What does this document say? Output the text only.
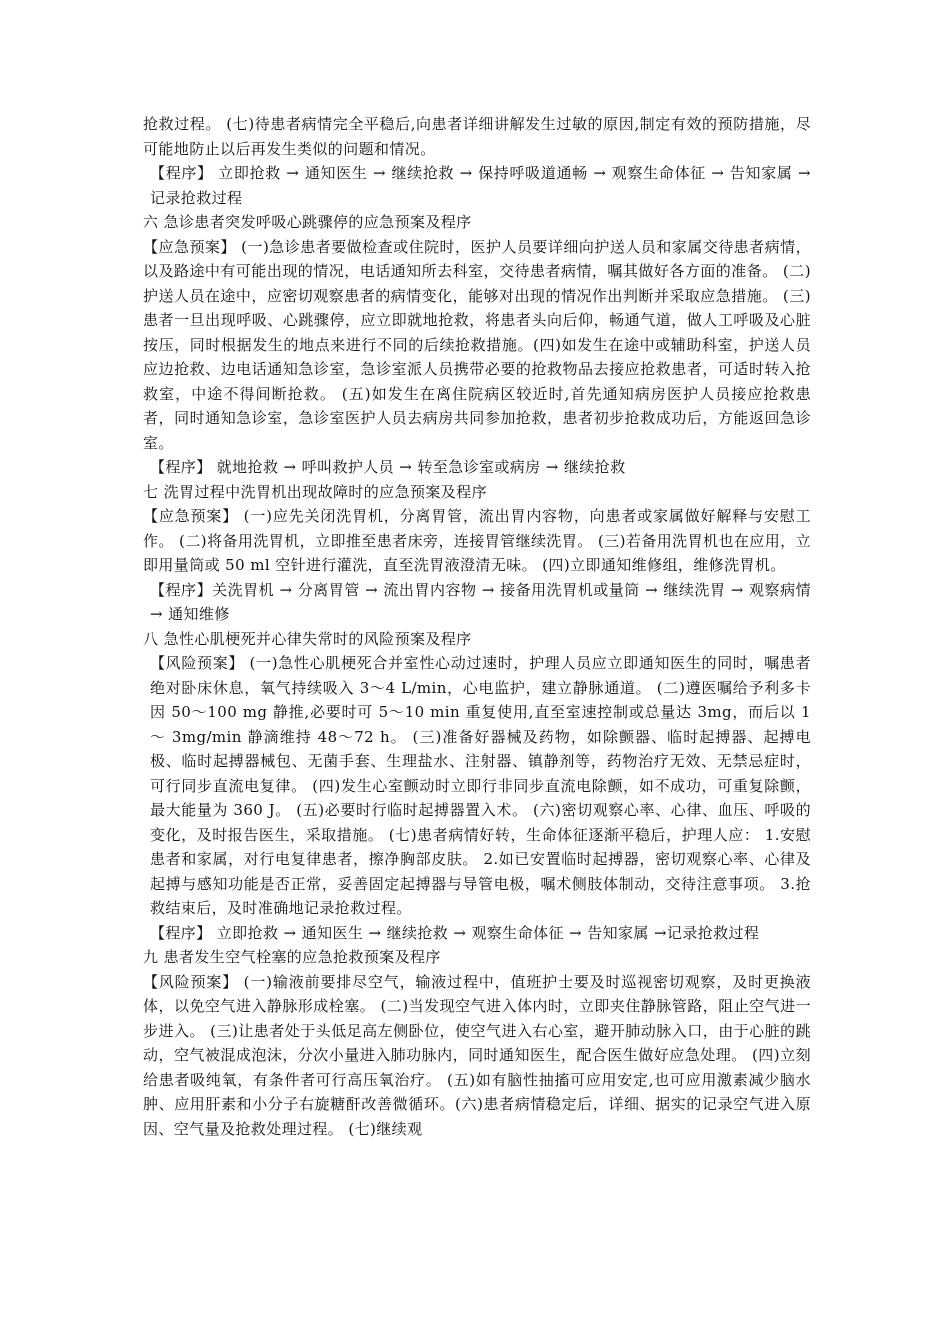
抢救过程。 (七)待患者病情完全平稳后,向患者详细讲解发生过敏的原因,制定有效的预防措施，尽可能地防止以后再发生类似的问题和情况。

【程序】 立即抢救 → 通知医生 → 继续抢救 → 保持呼吸道通畅 → 观察生命体征 → 告知家属 → 记录抢救过程

六 急诊患者突发呼吸心跳骤停的应急预案及程序

【应急预案】 (一)急诊患者要做检查或住院时，医护人员要详细向护送人员和家属交待患者病情，以及路途中有可能出现的情况，电话通知所去科室，交待患者病情，嘱其做好各方面的准备。 (二)护送人员在途中，应密切观察患者的病情变化，能够对出现的情况作出判断并采取应急措施。 (三)患者一旦出现呼吸、心跳骤停，应立即就地抢救，将患者头向后仰，畅通气道，做人工呼吸及心脏按压，同时根据发生的地点来进行不同的后续抢救措施。(四)如发生在途中或辅助科室，护送人员应边抢救、边电话通知急诊室，急诊室派人员携带必要的抢救物品去接应抢救患者，可适时转入抢救室，中途不得间断抢救。 (五)如发生在离住院病区较近时,首先通知病房医护人员接应抢救患者，同时通知急诊室，急诊室医护人员去病房共同参加抢救，患者初步抢救成功后，方能返回急诊室。

【程序】 就地抢救 → 呼叫救护人员 → 转至急诊室或病房 → 继续抢救

七 洗胃过程中洗胃机出现故障时的应急预案及程序

【应急预案】 (一)应先关闭洗胃机，分离胃管，流出胃内容物，向患者或家属做好解释与安慰工作。 (二)将备用洗胃机，立即推至患者床旁，连接胃管继续洗胃。 (三)若备用洗胃机也在应用，立即用量筒或 50 ml 空针进行灌洗，直至洗胃液澄清无味。 (四)立即通知维修组，维修洗胃机。

【程序】关洗胃机 → 分离胃管 → 流出胃内容物 → 接备用洗胃机或量筒 → 继续洗胃 → 观察病情 → 通知维修

八 急性心肌梗死并心律失常时的风险预案及程序

【风险预案】 (一)急性心肌梗死合并室性心动过速时，护理人员应立即通知医生的同时，嘱患者绝对卧床休息，氧气持续吸入 3～4 L/min，心电监护，建立静脉通道。 (二)遵医嘱给予利多卡因 50～100 mg 静推,必要时可 5～10 min 重复使用,直至室速控制或总量达 3mg，而后以 1～ 3mg/min 静滴维持 48～72 h。 (三)准备好器械及药物，如除颤器、临时起搏器、起搏电极、临时起搏器械包、无菌手套、生理盐水、注射器、镇静剂等，药物治疗无效、无禁忌症时，可行同步直流电复律。 (四)发生心室颤动时立即行非同步直流电除颤，如不成功，可重复除颤，最大能量为 360 J。 (五)必要时行临时起搏器置入术。 (六)密切观察心率、心律、血压、呼吸的变化，及时报告医生，采取措施。 (七)患者病情好转，生命体征逐渐平稳后，护理人应： 1.安慰患者和家属，对行电复律患者，擦净胸部皮肤。 2.如已安置临时起搏器，密切观察心率、心律及起搏与感知功能是否正常，妥善固定起搏器与导管电极，嘱术侧肢体制动，交待注意事项。 3.抢救结束后，及时准确地记录抢救过程。

【程序】 立即抢救 → 通知医生 → 继续抢救 → 观察生命体征 → 告知家属 →记录抢救过程

九 患者发生空气栓塞的应急抢救预案及程序

【风险预案】 (一)输液前要排尽空气，输液过程中，值班护士要及时巡视密切观察，及时更换液体，以免空气进入静脉形成栓塞。 (二)当发现空气进入体内时，立即夹住静脉管路，阻止空气进一步进入。 (三)让患者处于头低足高左侧卧位，使空气进入右心室，避开肺动脉入口，由于心脏的跳动，空气被混成泡沫，分次小量进入肺功脉内，同时通知医生，配合医生做好应急处理。 (四)立刻给患者吸纯氧，有条件者可行高压氧治疗。 (五)如有脑性抽搐可应用安定,也可应用激素减少脑水肿、应用肝素和小分子右旋糖酐改善微循环。(六)患者病情稳定后，详细、据实的记录空气进入原因、空气量及抢救处理过程。 (七)继续观
